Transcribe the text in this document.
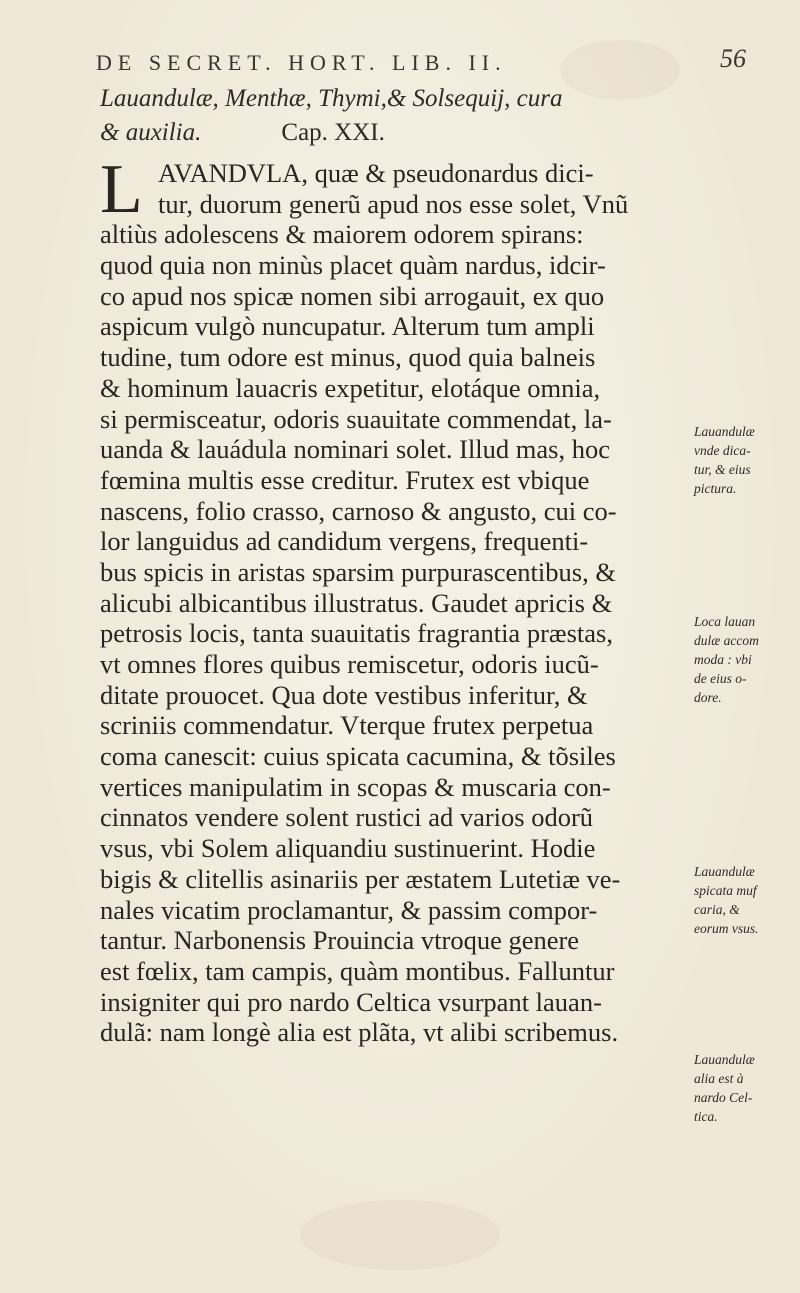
DE SECRET. HORT. LIB. II.	56
Lauandulæ, Menthæ, Thymi,& Solsequij, cura
& auxilia.	Cap. XXI.
L AVANDVLA, quæ & pseudonardus dici-
tur, duorum generũ apud nos esse solet, Vnũ
altiùs adolescens & maiorem odorem spirans:
quod quia non minùs placet quàm nardus, idcir-
co apud nos spicæ nomen sibi arrogauit, ex quo
aspicum vulgò nuncupatur. Alterum tum ampli
tudine, tum odore est minus, quod quia balneis
& hominum lauacris expetitur, elotáque omnia,
si permisceatur, odoris suauitate commendat, la-
uanda & lauádula nominari solet. Illud mas, hoc
fœmina multis esse creditur. Frutex est vbique
nascens, folio crasso, carnoso & angusto, cui co-
lor languidus ad candidum vergens, frequenti-
bus spicis in aristas sparsim purpurascentibus, &
alicubi albicantibus illustratus. Gaudet apricis &
petrosis locis, tanta suauitatis fragrantia præstas,
vt omnes flores quibus remiscetur, odoris iucũ-
ditate prouocet. Qua dote vestibus inferitur, &
scriniis commendatur. Vterque frutex perpetua
coma canescit: cuius spicata cacumina, & tõsiles
vertices manipulatim in scopas & muscaria con-
cinnatos vendere solent rustici ad varios odorũ
vsus, vbi Solem aliquandiu sustinuerint. Hodie
bigis & clitellis asinariis per æstatem Lutetiæ ve-
nales vicatim proclamantur, & passim compor-
tantur. Narbonensis Prouincia vtroque genere
est fœlix, tam campis, quàm montibus. Falluntur
insigniter qui pro nardo Celtica vsurpant lauan-
dulã: nam longè alia est plãta, vt alibi scribemus.
Lauandulæ
vnde dica-
tur, & eius
pictura.
Loca lauan
dulæ accom
moda : vbi
de eius o-
dore.
Lauandulæ
spicata muf
caria, &
eorum vsus.
Lauandulæ
alia est à
nardo Cel-
tica.
